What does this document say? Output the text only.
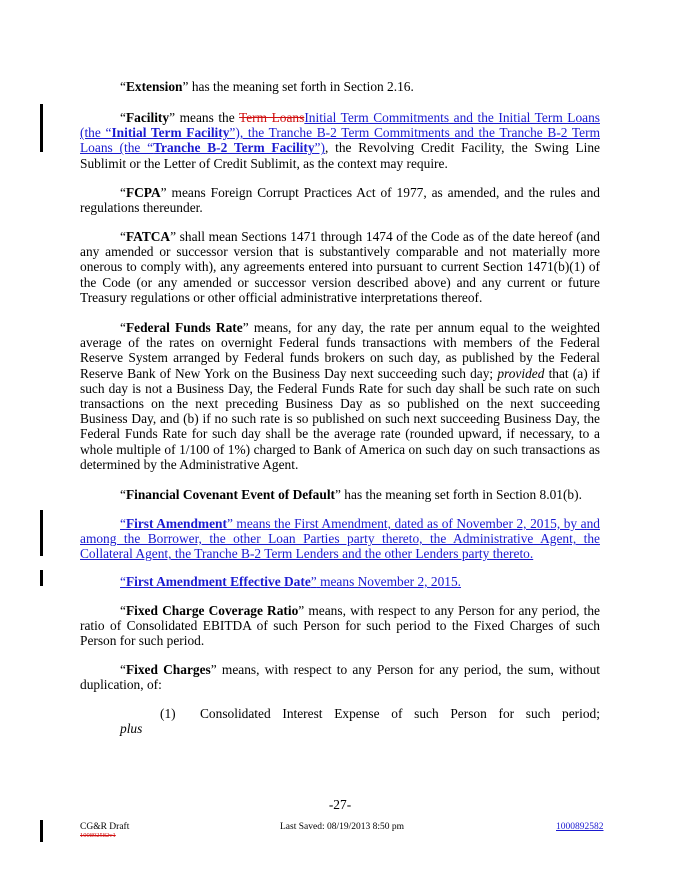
“Extension” has the meaning set forth in Section 2.16.

“Facility” means the Term LoansInitial Term Commitments and the Initial Term Loans (the “Initial Term Facility”), the Tranche B-2 Term Commitments and the Tranche B-2 Term Loans (the “Tranche B-2 Term Facility”), the Revolving Credit Facility, the Swing Line Sublimit or the Letter of Credit Sublimit, as the context may require.

“FCPA” means Foreign Corrupt Practices Act of 1977, as amended, and the rules and regulations thereunder.

“FATCA” shall mean Sections 1471 through 1474 of the Code as of the date hereof (and any amended or successor version that is substantively comparable and not materially more onerous to comply with), any agreements entered into pursuant to current Section 1471(b)(1) of the Code (or any amended or successor version described above) and any current or future Treasury regulations or other official administrative interpretations thereof.

“Federal Funds Rate” means, for any day, the rate per annum equal to the weighted average of the rates on overnight Federal funds transactions with members of the Federal Reserve System arranged by Federal funds brokers on such day, as published by the Federal Reserve Bank of New York on the Business Day next succeeding such day; provided that (a) if such day is not a Business Day, the Federal Funds Rate for such day shall be such rate on such transactions on the next preceding Business Day as so published on the next succeeding Business Day, and (b) if no such rate is so published on such next succeeding Business Day, the Federal Funds Rate for such day shall be the average rate (rounded upward, if necessary, to a whole multiple of 1/100 of 1%) charged to Bank of America on such day on such transactions as determined by the Administrative Agent.

“Financial Covenant Event of Default” has the meaning set forth in Section 8.01(b).

“First Amendment” means the First Amendment, dated as of November 2, 2015, by and among the Borrower, the other Loan Parties party thereto, the Administrative Agent, the Collateral Agent, the Tranche B-2 Term Lenders and the other Lenders party thereto.

“First Amendment Effective Date” means November 2, 2015.

“Fixed Charge Coverage Ratio” means, with respect to any Person for any period, the ratio of Consolidated EBITDA of such Person for such period to the Fixed Charges of such Person for such period.

“Fixed Charges” means, with respect to any Person for any period, the sum, without duplication, of:

(1) Consolidated Interest Expense of such Person for such period;
plus
-27-
CG&R Draft
100892582v1
Last Saved: 08/19/2013 8:50 pm	1000892582
